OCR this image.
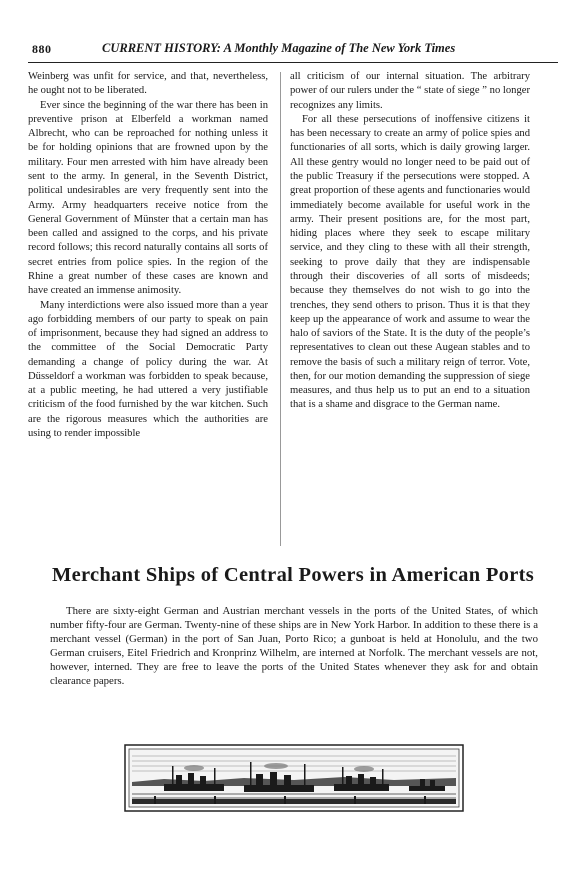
880	CURRENT HISTORY: A Monthly Magazine of The New York Times

Weinberg was unfit for service, and that, nevertheless, he ought not to be liberated.

Ever since the beginning of the war there has been in preventive prison at Elberfeld a workman named Albrecht, who can be reproached for nothing unless it be for holding opinions that are frowned upon by the military. Four men arrested with him have already been sent to the army. In general, in the Seventh District, political undesirables are very frequently sent into the Army. Army headquarters receive notice from the General Government of Münster that a certain man has been called and assigned to the corps, and his private record follows; this record naturally contains all sorts of secret entries from police spies. In the region of the Rhine a great number of these cases are known and have created an immense animosity.

Many interdictions were also issued more than a year ago forbidding members of our party to speak on pain of imprisonment, because they had signed an address to the committee of the Social Democratic Party demanding a change of policy during the war. At Düsseldorf a workman was forbidden to speak because, at a public meeting, he had uttered a very justifiable criticism of the food furnished by the war kitchen. Such are the rigorous measures which the authorities are using to render impossible

all criticism of our internal situation. The arbitrary power of our rulers under the “ state of siege ” no longer recognizes any limits.

For all these persecutions of inoffensive citizens it has been necessary to create an army of police spies and functionaries of all sorts, which is daily growing larger. All these gentry would no longer need to be paid out of the public Treasury if the persecutions were stopped. A great proportion of these agents and functionaries would immediately become available for useful work in the army. Their present positions are, for the most part, hiding places where they seek to escape military service, and they cling to these with all their strength, seeking to prove daily that they are indispensable through their discoveries of all sorts of misdeeds; because they themselves do not wish to go into the trenches, they send others to prison. Thus it is that they keep up the appearance of work and assume to wear the halo of saviors of the State. It is the duty of the people’s representatives to clean out these Augean stables and to remove the basis of such a military reign of terror. Vote, then, for our motion demanding the suppression of siege measures, and thus help us to put an end to a situation that is a shame and disgrace to the German name.

Merchant Ships of Central Powers in American Ports

There are sixty-eight German and Austrian merchant vessels in the ports of the United States, of which number fifty-four are German. Twenty-nine of these ships are in New York Harbor. In addition to these there is a merchant vessel (German) in the port of San Juan, Porto Rico; a gunboat is held at Honolulu, and the two German cruisers, Eitel Friedrich and Kronprinz Wilhelm, are interned at Norfolk. The merchant vessels are not, however, interned. They are free to leave the ports of the United States whenever they ask for and obtain clearance papers.
